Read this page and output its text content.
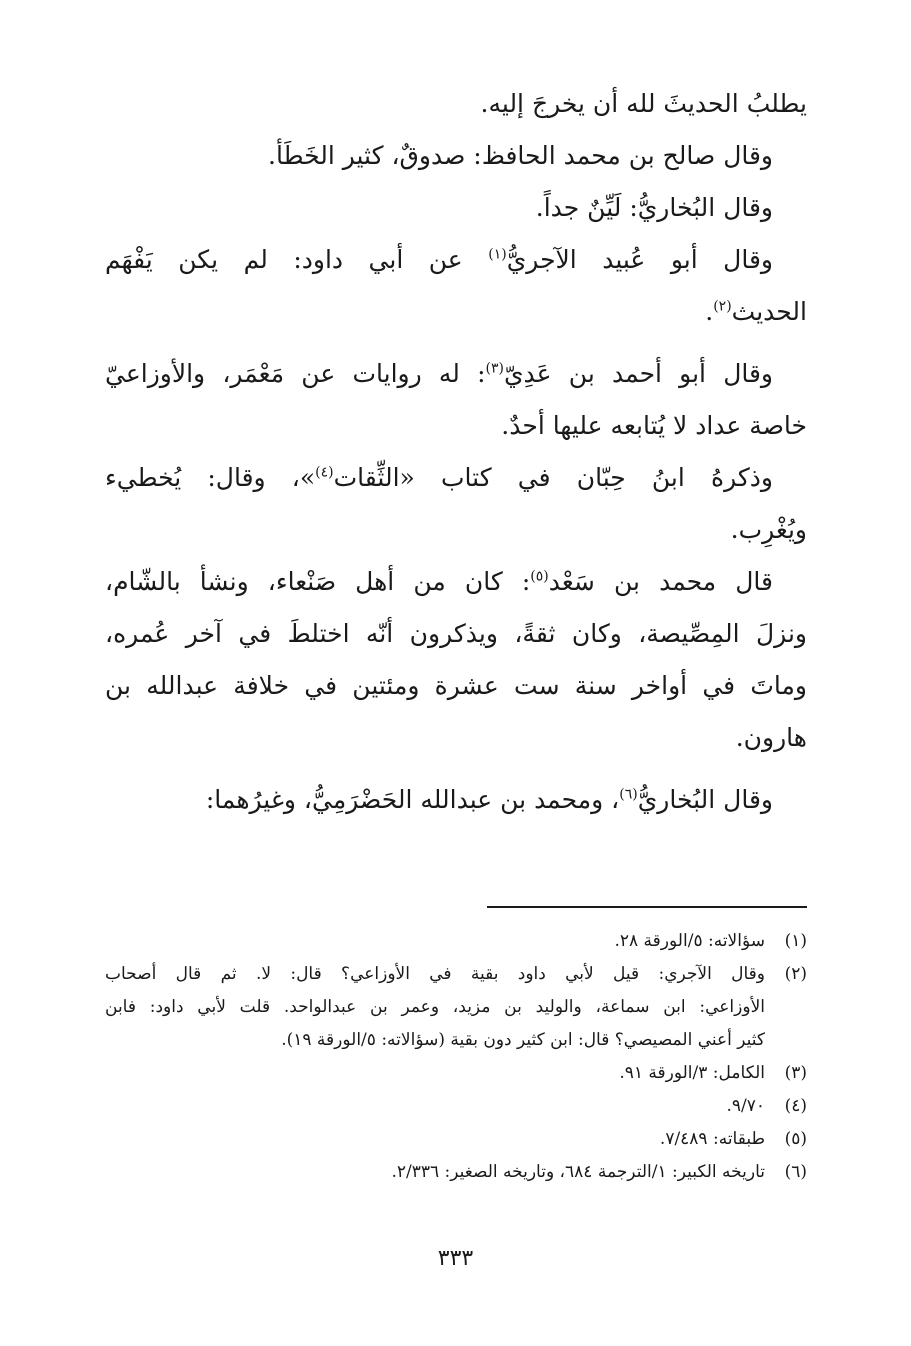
يطلبُ الحديثَ لله أن يخرجَ إليه.
وقال صالح بن محمد الحافظ: صدوقٌ، كثير الخَطَأ.
وقال البُخاريُّ: لَيِّنٌ جداً.
وقال أبو عُبيد الآجريُّ$^{(١)}$ عن أبي داود: لم يكن يَفْهَم
الحديث$^{(٢)}$.
وقال أبو أحمد بن عَدِيّ$^{(٣)}$: له روايات عن مَعْمَر، والأوزاعيّ
خاصة عداد لا يُتابعه عليها أحدٌ.
وذكرهُ ابنُ حِبّان في كتاب «الثِّقات$^{(٤)}$»، وقال: يُخطيء
ويُغْرِب.
قال محمد بن سَعْد$^{(٥)}$: كان من أهل صَنْعاء، ونشأ بالشّام،
ونزلَ المِصِّيصة، وكان ثقةً، ويذكرون أنّه اختلطَ في آخر عُمره،
وماتَ في أواخر سنة ست عشرة ومئتين في خلافة عبدالله بن
هارون.
وقال البُخاريُّ$^{(٦)}$، ومحمد بن عبدالله الحَضْرَمِيُّ، وغيرُهما:
(١)
سؤالاته: ٥/الورقة ٢٨.
(٢)
وقال الآجري: قيل لأبي داود بقية في الأوزاعي؟ قال: لا. ثم قال أصحاب
الأوزاعي: ابن سماعة، والوليد بن مزيد، وعمر بن عبدالواحد. قلت لأبي داود: فابن
كثير أعني المصيصي؟ قال: ابن كثير دون بقية (سؤالاته: ٥/الورقة ١٩).
(٣)
الكامل: ٣/الورقة ٩١.
(٤)
٩/٧٠.
(٥)
طبقاته: ٧/٤٨٩.
(٦)
تاريخه الكبير: ١/الترجمة ٦٨٤، وتاريخه الصغير: ٢/٣٣٦.
٣٣٣
